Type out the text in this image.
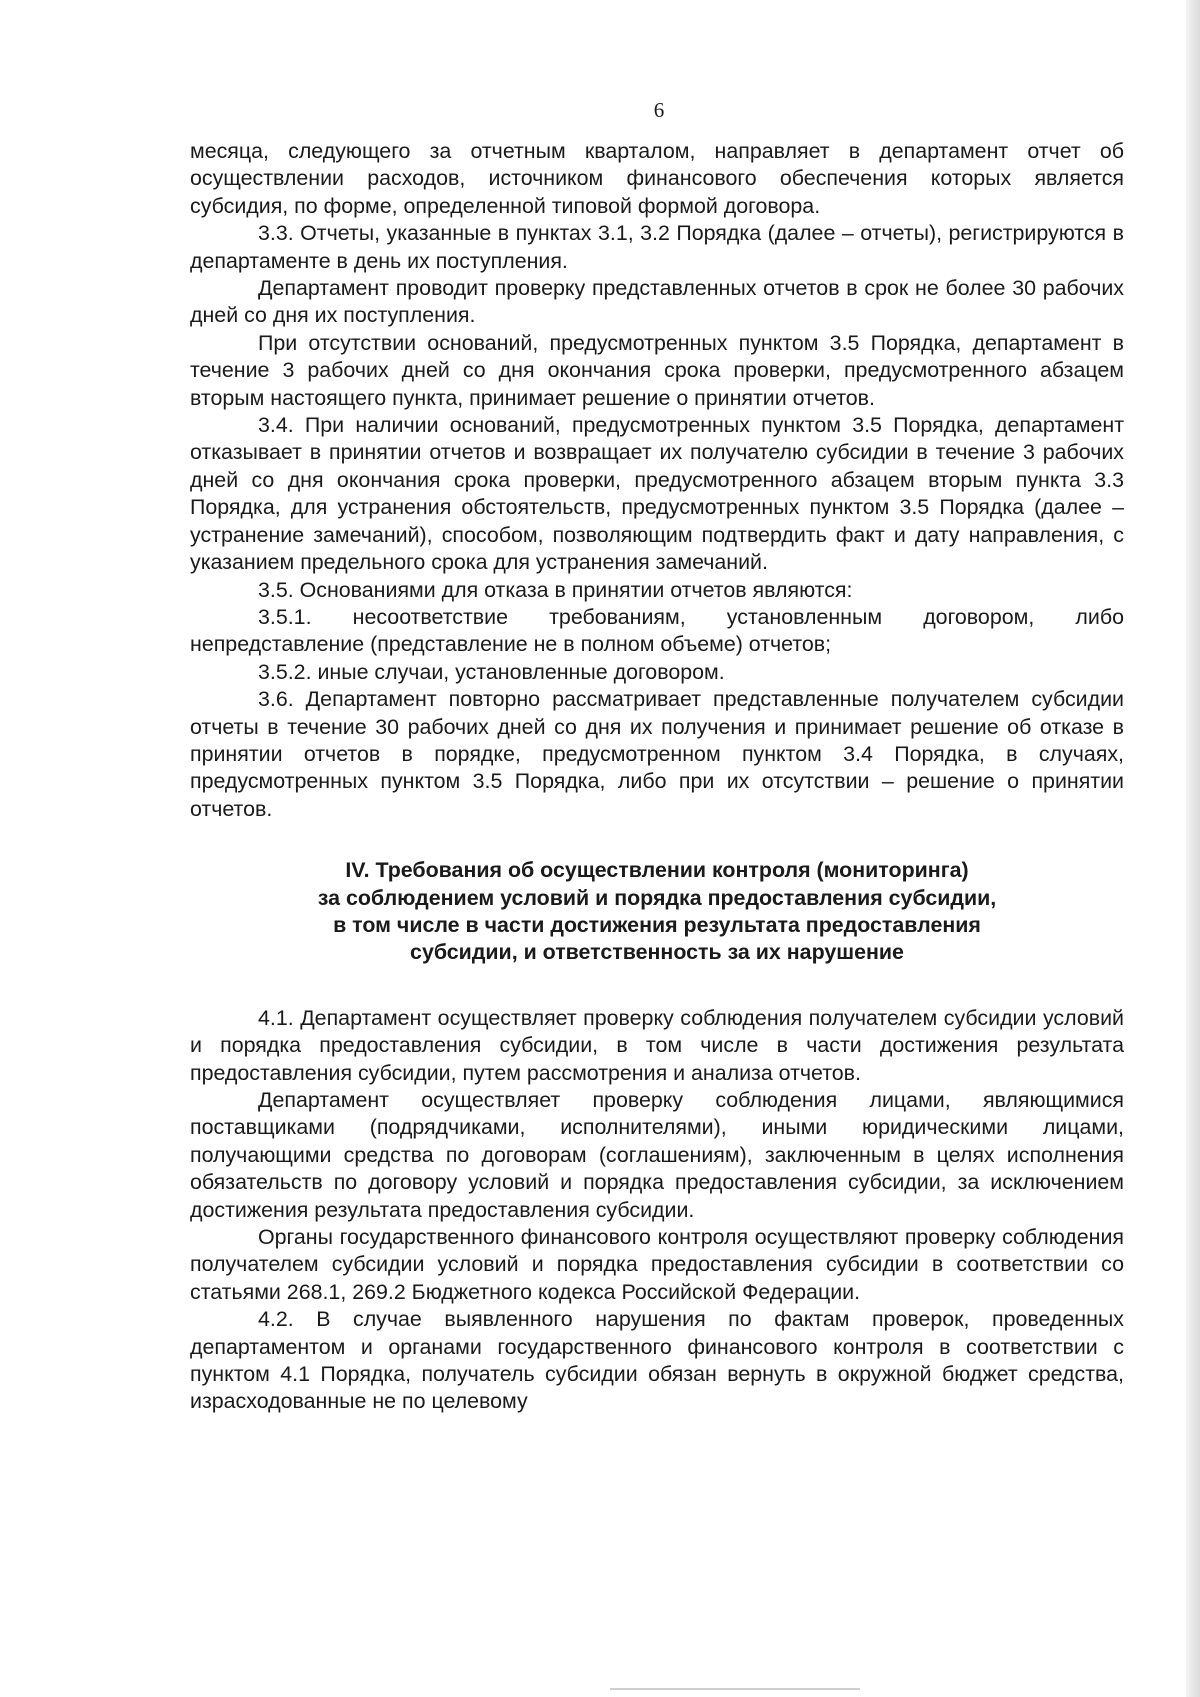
6

месяца, следующего за отчетным кварталом, направляет в департамент отчет об осуществлении расходов, источником финансового обеспечения которых является субсидия, по форме, определенной типовой формой договора.

3.3. Отчеты, указанные в пунктах 3.1, 3.2 Порядка (далее – отчеты), регистрируются в департаменте в день их поступления.

Департамент проводит проверку представленных отчетов в срок не более 30 рабочих дней со дня их поступления.

При отсутствии оснований, предусмотренных пунктом 3.5 Порядка, департамент в течение 3 рабочих дней со дня окончания срока проверки, предусмотренного абзацем вторым настоящего пункта, принимает решение о принятии отчетов.

3.4. При наличии оснований, предусмотренных пунктом 3.5 Порядка, департамент отказывает в принятии отчетов и возвращает их получателю субсидии в течение 3 рабочих дней со дня окончания срока проверки, предусмотренного абзацем вторым пункта 3.3 Порядка, для устранения обстоятельств, предусмотренных пунктом 3.5 Порядка (далее – устранение замечаний), способом, позволяющим подтвердить факт и дату направления, с указанием предельного срока для устранения замечаний.

3.5. Основаниями для отказа в принятии отчетов являются:

3.5.1. несоответствие требованиям, установленным договором, либо непредставление (представление не в полном объеме) отчетов;

3.5.2. иные случаи, установленные договором.

3.6. Департамент повторно рассматривает представленные получателем субсидии отчеты в течение 30 рабочих дней со дня их получения и принимает решение об отказе в принятии отчетов в порядке, предусмотренном пунктом 3.4 Порядка, в случаях, предусмотренных пунктом 3.5 Порядка, либо при их отсутствии – решение о принятии отчетов.

IV. Требования об осуществлении контроля (мониторинга)
за соблюдением условий и порядка предоставления субсидии,
в том числе в части достижения результата предоставления
субсидии, и ответственность за их нарушение

4.1. Департамент осуществляет проверку соблюдения получателем субсидии условий и порядка предоставления субсидии, в том числе в части достижения результата предоставления субсидии, путем рассмотрения и анализа отчетов.

Департамент осуществляет проверку соблюдения лицами, являющимися поставщиками (подрядчиками, исполнителями), иными юридическими лицами, получающими средства по договорам (соглашениям), заключенным в целях исполнения обязательств по договору условий и порядка предоставления субсидии, за исключением достижения результата предоставления субсидии.

Органы государственного финансового контроля осуществляют проверку соблюдения получателем субсидии условий и порядка предоставления субсидии в соответствии со статьями 268.1, 269.2 Бюджетного кодекса Российской Федерации.

4.2. В случае выявленного нарушения по фактам проверок, проведенных департаментом и органами государственного финансового контроля в соответствии с пунктом 4.1 Порядка, получатель субсидии обязан вернуть в окружной бюджет средства, израсходованные не по целевому
